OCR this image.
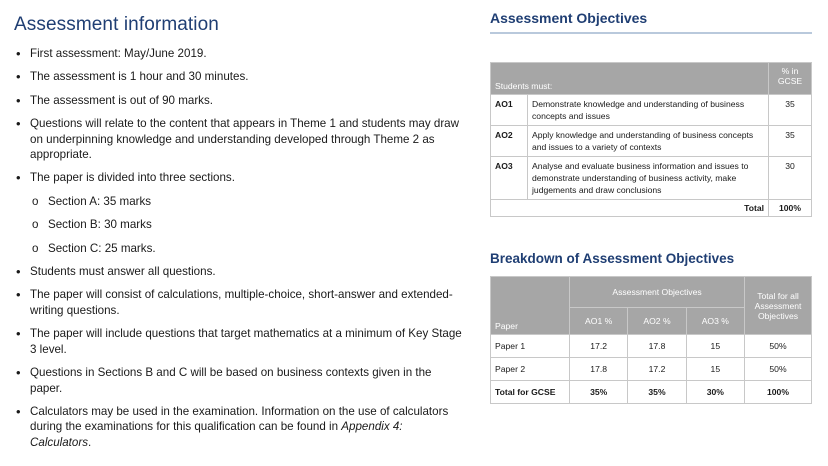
Assessment information
• First assessment: May/June 2019.
• The assessment is 1 hour and 30 minutes.
• The assessment is out of 90 marks.
• Questions will relate to the content that appears in Theme 1 and students may draw on underpinning knowledge and understanding developed through Theme 2 as appropriate.
• The paper is divided into three sections.
o Section A: 35 marks
o Section B: 30 marks
o Section C: 25 marks.
• Students must answer all questions.
• The paper will consist of calculations, multiple-choice, short-answer and extended-writing questions.
• The paper will include questions that target mathematics at a minimum of Key Stage 3 level.
• Questions in Sections B and C will be based on business contexts given in the paper.
• Calculators may be used in the examination. Information on the use of calculators during the examinations for this qualification can be found in Appendix 4: Calculators.
Assessment Objectives
Students must:		% in GCSE
AO1	Demonstrate knowledge and understanding of business concepts and issues	35
AO2	Apply knowledge and understanding of business concepts and issues to a variety of contexts	35
AO3	Analyse and evaluate business information and issues to demonstrate understanding of business activity, make judgements and draw conclusions	30
Total		100%
Breakdown of Assessment Objectives
Paper	Assessment Objectives			Total for all Assessment Objectives
	AO1 %	AO2 %	AO3 %	
Paper 1	17.2	17.8	15	50%
Paper 2	17.8	17.2	15	50%
Total for GCSE	35%	35%	30%	100%
